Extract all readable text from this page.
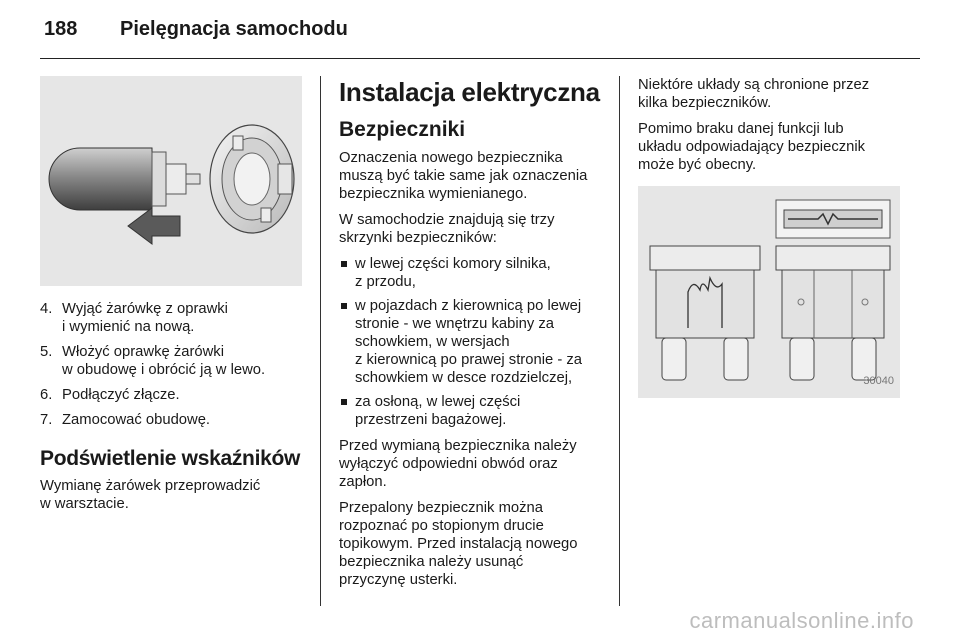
188 Pielęgnacja samochodu
4. Wyjąć żarówkę z oprawki
i wymienić na nową.
5. Włożyć oprawkę żarówki
w obudowę i obrócić ją w lewo.
6. Podłączyć złącze.
7. Zamocować obudowę.
Podświetlenie wskaźników

Wymianę żarówek przeprowadzić
w warsztacie.

Instalacja elektryczna
Bezpieczniki

Oznaczenia nowego bezpiecznika
muszą być takie same jak oznaczenia
bezpiecznika wymienianego.

W samochodzie znajdują się trzy
skrzynki bezpieczników:

w lewej części komory silnika,
z przodu,
w pojazdach z kierownicą po lewej
stronie - we wnętrzu kabiny za
schowkiem, w wersjach
z kierownicą po prawej stronie - za
schowkiem w desce rozdzielczej,
za osłoną, w lewej części
przestrzeni bagażowej.

Przed wymianą bezpiecznika należy
wyłączyć odpowiedni obwód oraz
zapłon.

Przepalony bezpiecznik można
rozpoznać po stopionym drucie
topikowym. Przed instalacją nowego
bezpiecznika należy usunąć
przyczynę usterki.

Niektóre układy są chronione przez
kilka bezpieczników.

Pomimo braku danej funkcji lub
układu odpowiadający bezpiecznik
może być obecny.

30040
carmanualsonline.info
